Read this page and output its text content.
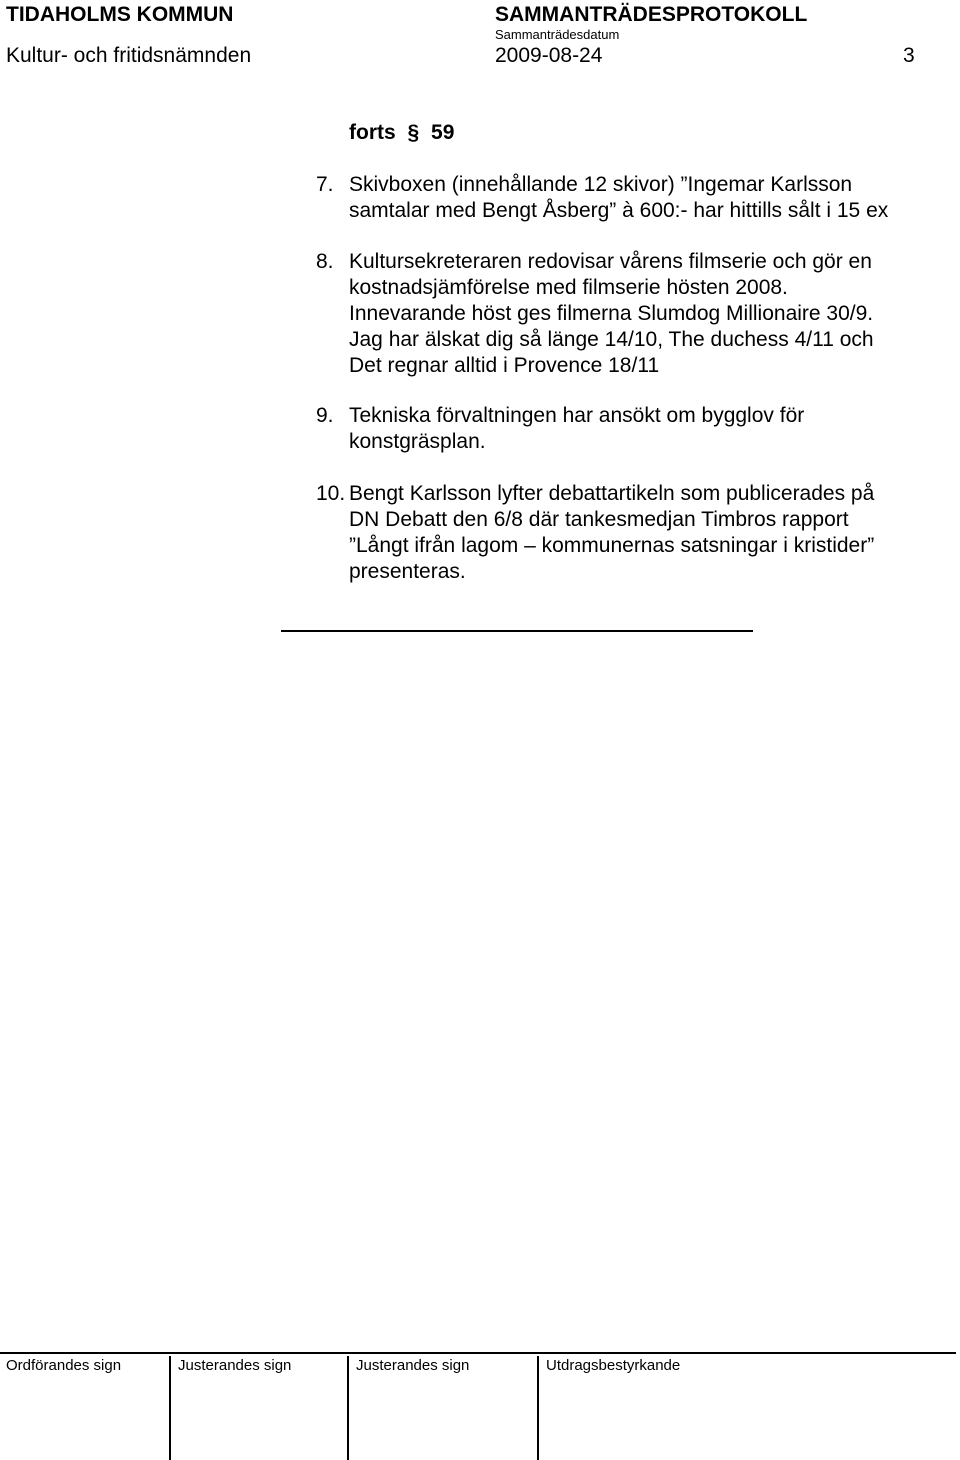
TIDAHOLMS KOMMUN	SAMMANTRÄDESPROTOKOLL
Sammanträdesdatum
Kultur- och fritidsnämnden	2009-08-24	3
forts § 59
7. Skivboxen (innehållande 12 skivor) ”Ingemar Karlsson
samtalar med Bengt Åsberg” à 600:- har hittills sålt i 15 ex
8. Kultursekreteraren redovisar vårens filmserie och gör en
kostnadsjämförelse med filmserie hösten 2008.
Innevarande höst ges filmerna Slumdog Millionaire 30/9.
Jag har älskat dig så länge 14/10, The duchess 4/11 och
Det regnar alltid i Provence 18/11
9. Tekniska förvaltningen har ansökt om bygglov för
konstgräsplan.
10. Bengt Karlsson lyfter debattartikeln som publicerades på
DN Debatt den 6/8 där tankesmedjan Timbros rapport
”Långt ifrån lagom – kommunernas satsningar i kristider”
presenteras.
Ordförandes sign	Justerandes sign	Justerandes sign	Utdragsbestyrkande
